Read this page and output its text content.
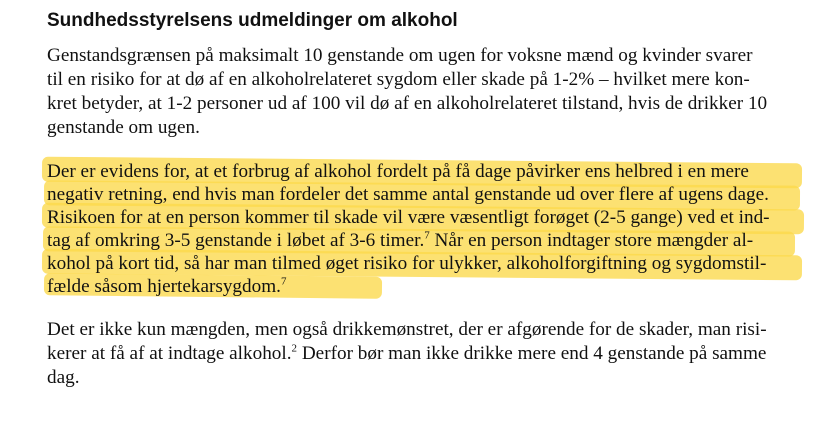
Sundhedsstyrelsens udmeldinger om alkohol
Genstandsgrænsen på maksimalt 10 genstande om ugen for voksne mænd og kvinder svarer
til en risiko for at dø af en alkoholrelateret sygdom eller skade på 1-2% – hvilket mere kon-
kret betyder, at 1-2 personer ud af 100 vil dø af en alkoholrelateret tilstand, hvis de drikker 10
genstande om ugen.
Der er evidens for, at et forbrug af alkohol fordelt på få dage påvirker ens helbred i en mere
negativ retning, end hvis man fordeler det samme antal genstande ud over flere af ugens dage.
Risikoen for at en person kommer til skade vil være væsentligt forøget (2-5 gange) ved et ind-
tag af omkring 3-5 genstande i løbet af 3-6 timer.$^7$ Når en person indtager store mængder al-
kohol på kort tid, så har man tilmed øget risiko for ulykker, alkoholforgiftning og sygdomstil-
fælde såsom hjertekarsygdom.$^7$
Det er ikke kun mængden, men også drikkemønstret, der er afgørende for de skader, man risi-
kerer at få af at indtage alkohol.$^2$ Derfor bør man ikke drikke mere end 4 genstande på samme
dag.
